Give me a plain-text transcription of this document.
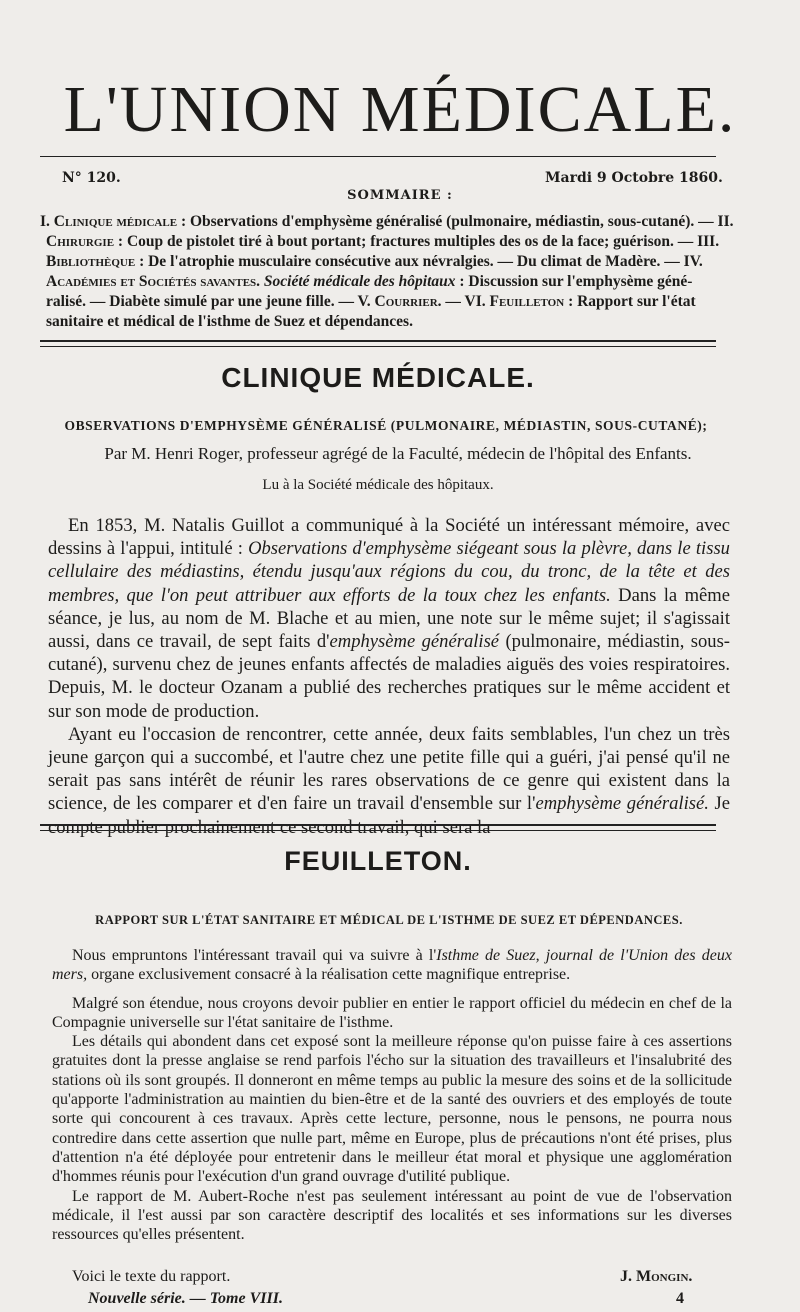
L'UNION MÉDICALE.
N° 120.	Mardi 9 Octobre 1860.
SOMMAIRE :
I. Clinique médicale : Observations d'emphysème généralisé (pulmonaire, médiastin, sous-cutané). — II.
Chirurgie : Coup de pistolet tiré à bout portant; fractures multiples des os de la face; guérison. — III.
Bibliothèque : De l'atrophie musculaire consécutive aux névralgies. — Du climat de Madère. — IV.
Académies et Sociétés savantes. Société médicale des hôpitaux : Discussion sur l'emphysème géné-
ralisé. — Diabète simulé par une jeune fille. — V. Courrier. — VI. Feuilleton : Rapport sur l'état
sanitaire et médical de l'isthme de Suez et dépendances.
CLINIQUE MÉDICALE.
OBSERVATIONS D'EMPHYSÈME GÉNÉRALISÉ (PULMONAIRE, MÉDIASTIN, SOUS-CUTANÉ);
Par M. Henri Roger, professeur agrégé de la Faculté, médecin de l'hôpital des Enfants.
Lu à la Société médicale des hôpitaux.

En 1853, M. Natalis Guillot a communiqué à la Société un intéressant mémoire, avec dessins à l'appui, intitulé : Observations d'emphysème siégeant sous la plèvre, dans le tissu cellulaire des médiastins, étendu jusqu'aux régions du cou, du tronc, de la tête et des membres, que l'on peut attribuer aux efforts de la toux chez les enfants. Dans la même séance, je lus, au nom de M. Blache et au mien, une note sur le même sujet; il s'agissait aussi, dans ce travail, de sept faits d'emphysème généralisé (pulmonaire, médiastin, sous-cutané), survenu chez de jeunes enfants affectés de maladies aiguës des voies respiratoires. Depuis, M. le docteur Ozanam a publié des recherches pratiques sur le même accident et sur son mode de production.

Ayant eu l'occasion de rencontrer, cette année, deux faits semblables, l'un chez un très jeune garçon qui a succombé, et l'autre chez une petite fille qui a guéri, j'ai pensé qu'il ne serait pas sans intérêt de réunir les rares observations de ce genre qui existent dans la science, de les comparer et d'en faire un travail d'ensemble sur l'emphysème généralisé. Je compte publier prochainement ce second travail, qui sera la

FEUILLETON.
RAPPORT SUR L'ÉTAT SANITAIRE ET MÉDICAL DE L'ISTHME DE SUEZ ET DÉPENDANCES.

Nous empruntons l'intéressant travail qui va suivre à l'Isthme de Suez, journal de l'Union des deux mers, organe exclusivement consacré à la réalisation cette magnifique entreprise.

Malgré son étendue, nous croyons devoir publier en entier le rapport officiel du médecin en chef de la Compagnie universelle sur l'état sanitaire de l'isthme.

Les détails qui abondent dans cet exposé sont la meilleure réponse qu'on puisse faire à ces assertions gratuites dont la presse anglaise se rend parfois l'écho sur la situation des travailleurs et l'insalubrité des stations où ils sont groupés. Il donneront en même temps au public la mesure des soins et de la sollicitude qu'apporte l'administration au maintien du bien-être et de la santé des ouvriers et des employés de toute sorte qui concourent à ces travaux. Après cette lecture, personne, nous le pensons, ne pourra nous contredire dans cette assertion que nulle part, même en Europe, plus de précautions n'ont été prises, plus d'attention n'a été déployée pour entretenir dans le meilleur état moral et physique une agglomération d'hommes réunis pour l'exécution d'un grand ouvrage d'utilité publique.

Le rapport de M. Aubert-Roche n'est pas seulement intéressant au point de vue de l'observation médicale, il l'est aussi par son caractère descriptif des localités et ses informations sur les diverses ressources qu'elles présentent.

Voici le texte du rapport.	J. Mongin.
Nouvelle série. — Tome VIII.	4
